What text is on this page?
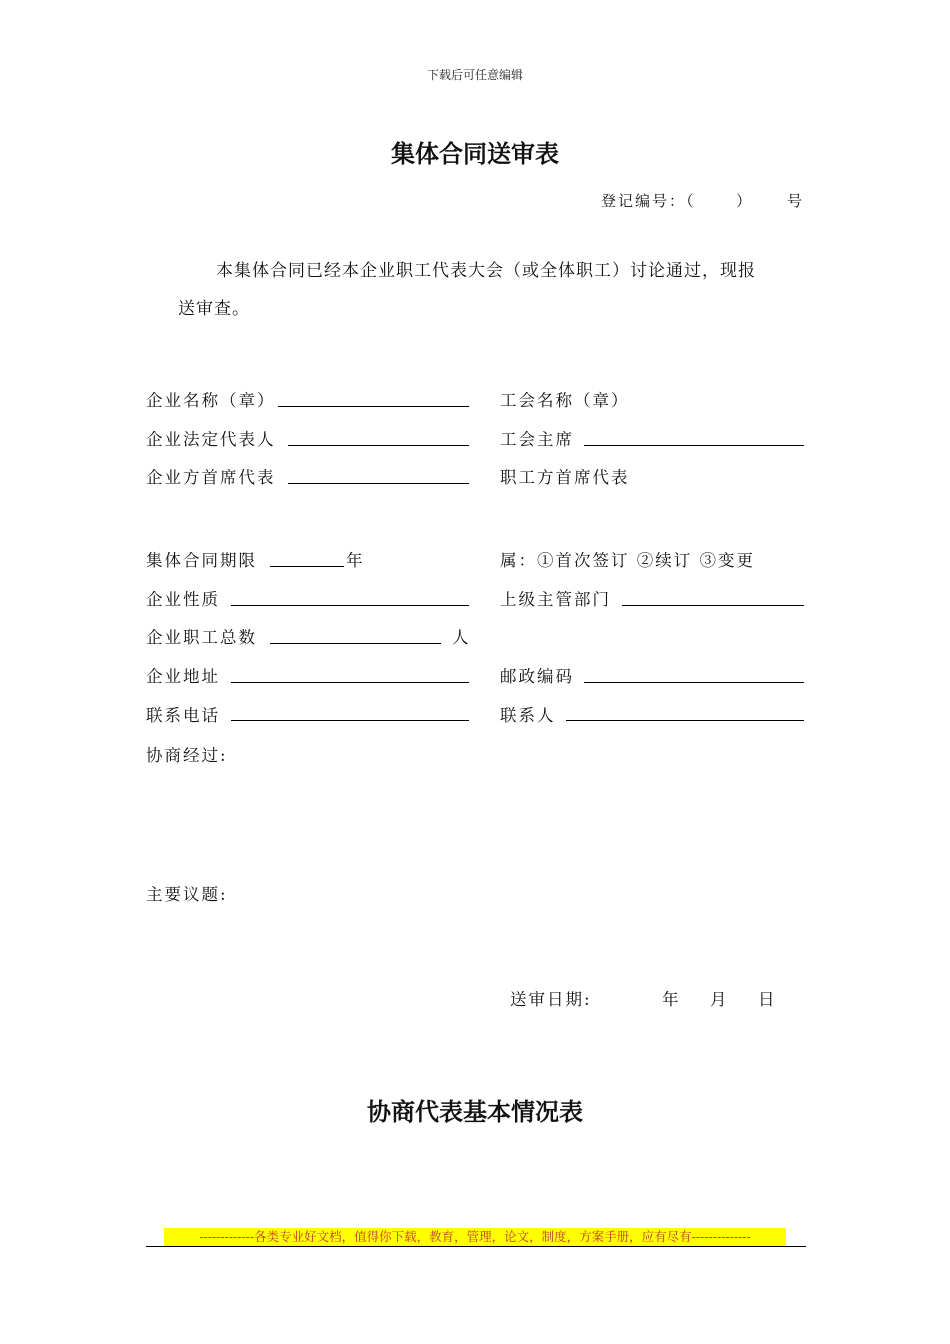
下载后可任意编辑
集体合同送审表
登记编号：（      ）     号

本集体合同已经本企业职工代表大会（或全体职工）讨论通过，现报

送审查。

企业名称（章）	工会名称（章）
企业法定代表人	工会主席
企业方首席代表	职工方首席代表
集体合同期限	年	属：①首次签订 ②续订 ③变更
企业性质	上级主管部门
企业职工总数	人
企业地址	邮政编码
联系电话	联系人
协商经过:
主要议题:
送审日期:	年 月 日
协商代表基本情况表
-------------各类专业好文档，值得你下载，教育，管理，论文，制度，方案手册，应有尽有--------------
